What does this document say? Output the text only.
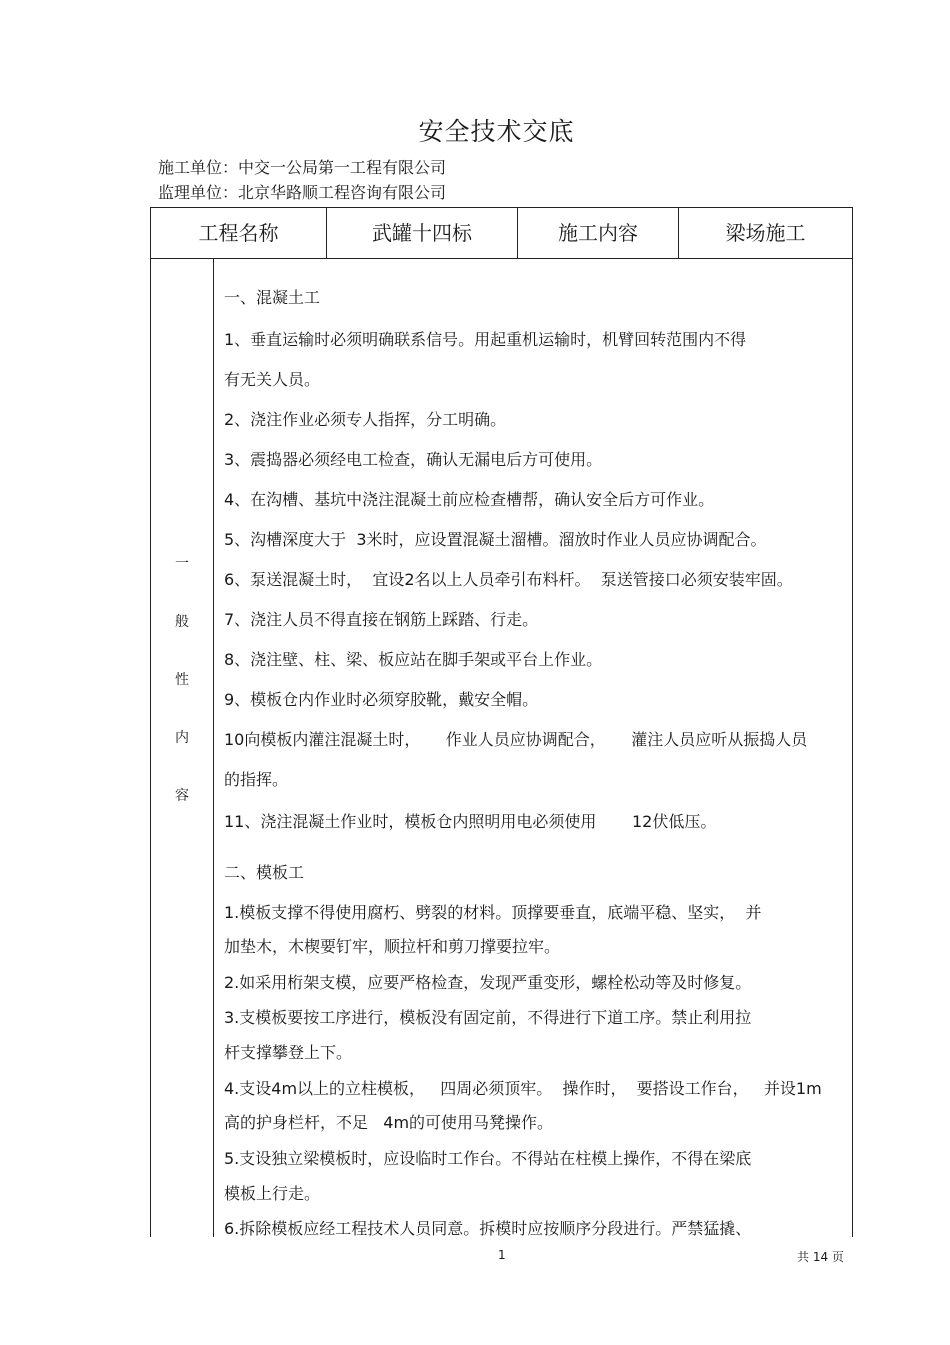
安全技术交底
施工单位：中交一公局第一工程有限公司
监理单位：北京华路顺工程咨询有限公司
工程名称	武罐十四标	施工内容	梁场施工
一
般
性
内
容
一、混凝土工
1、垂直运输时必须明确联系信号。用起重机运输时，机臂回转范围内不得
有无关人员。
2、浇注作业必须专人指挥，分工明确。
3、震捣器必须经电工检查，确认无漏电后方可使用。
4、在沟槽、基坑中浇注混凝土前应检查槽帮，确认安全后方可作业。
5、沟槽深度大于  3米时，应设置混凝土溜槽。溜放时作业人员应协调配合。
6、泵送混凝土时，  宜设2名以上人员牵引布料杆。  泵送管接口必须安装牢固。
7、浇注人员不得直接在钢筋上踩踏、行走。
8、浇注壁、柱、梁、板应站在脚手架或平台上作业。
9、模板仓内作业时必须穿胶靴，戴安全帽。
10向模板内灌注混凝土时，     作业人员应协调配合，     灌注人员应听从振捣人员
的指挥。
11、浇注混凝土作业时，模板仓内照明用电必须使用       12伏低压。
二、模板工
1.模板支撑不得使用腐朽、劈裂的材料。顶撑要垂直，底端平稳、坚实，  并
加垫木，木楔要钉牢，顺拉杆和剪刀撑要拉牢。
2.如采用桁架支模，应要严格检查，发现严重变形，螺栓松动等及时修复。
3.支模板要按工序进行，模板没有固定前，不得进行下道工序。禁止利用拉
杆支撑攀登上下。
4.支设4m以上的立柱模板，   四周必须顶牢。  操作时，  要搭设工作台，   并设1m
高的护身栏杆，不足   4m的可使用马凳操作。
5.支设独立梁模板时，应设临时工作台。不得站在柱模上操作，不得在梁底
模板上行走。
6.拆除模板应经工程技术人员同意。拆模时应按顺序分段进行。严禁猛撬、
1	共 14 页
